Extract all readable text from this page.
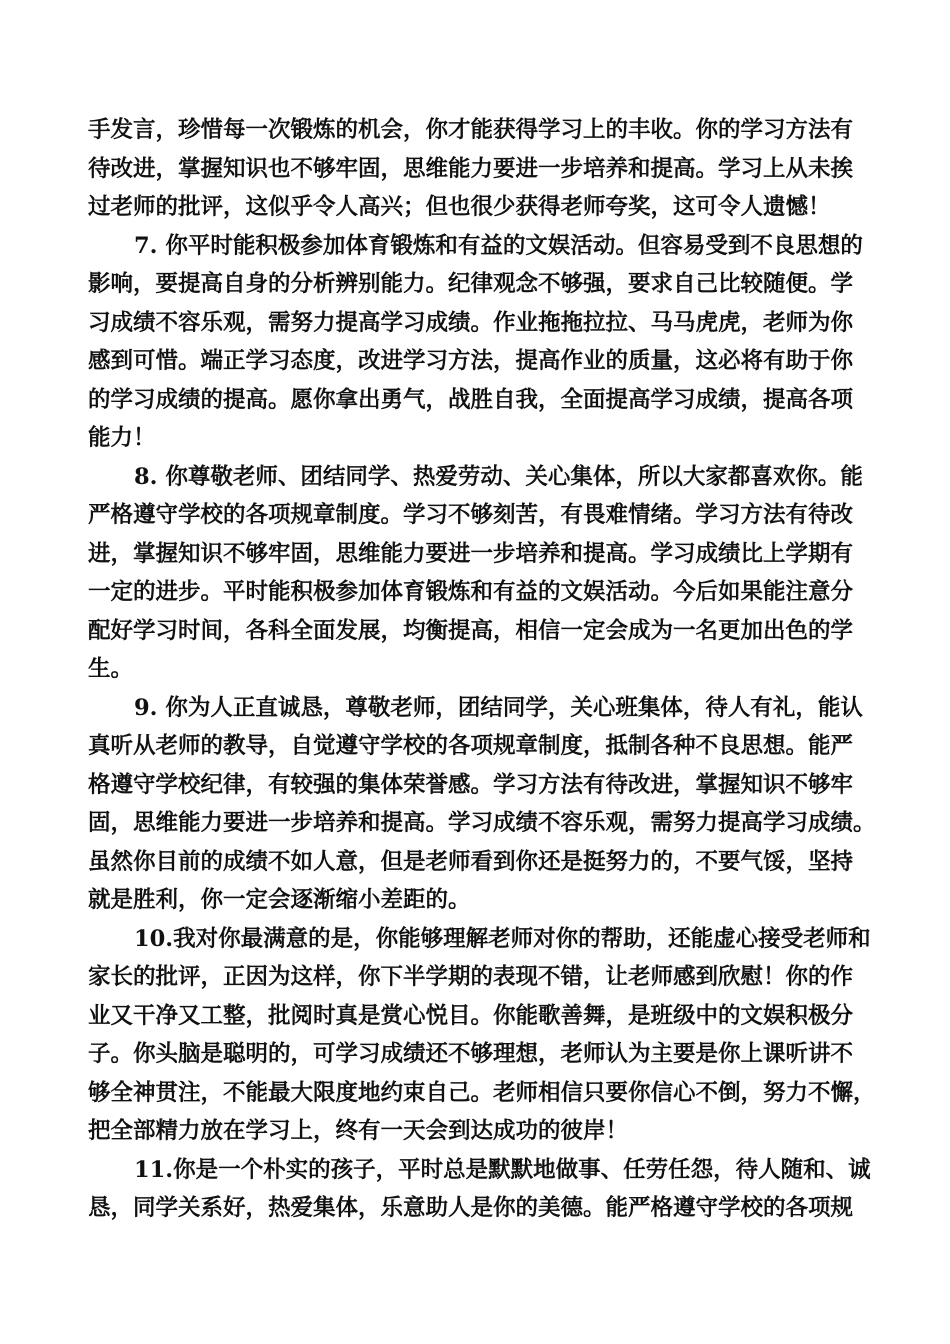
手发言，珍惜每一次锻炼的机会，你才能获得学习上的丰收。你的学习方法有
待改进，掌握知识也不够牢固，思维能力要进一步培养和提高。学习上从未挨
过老师的批评，这似乎令人高兴；但也很少获得老师夸奖，这可令人遗憾！
7. 你平时能积极参加体育锻炼和有益的文娱活动。但容易受到不良思想的
影响，要提高自身的分析辨别能力。纪律观念不够强，要求自己比较随便。学
习成绩不容乐观，需努力提高学习成绩。作业拖拖拉拉、马马虎虎，老师为你
感到可惜。端正学习态度，改进学习方法，提高作业的质量，这必将有助于你
的学习成绩的提高。愿你拿出勇气，战胜自我，全面提高学习成绩，提高各项
能力！
8. 你尊敬老师、团结同学、热爱劳动、关心集体，所以大家都喜欢你。能
严格遵守学校的各项规章制度。学习不够刻苦，有畏难情绪。学习方法有待改
进，掌握知识不够牢固，思维能力要进一步培养和提高。学习成绩比上学期有
一定的进步。平时能积极参加体育锻炼和有益的文娱活动。今后如果能注意分
配好学习时间，各科全面发展，均衡提高，相信一定会成为一名更加出色的学
生。
9. 你为人正直诚恳，尊敬老师，团结同学，关心班集体，待人有礼，能认
真听从老师的教导，自觉遵守学校的各项规章制度，抵制各种不良思想。能严
格遵守学校纪律，有较强的集体荣誉感。学习方法有待改进，掌握知识不够牢
固，思维能力要进一步培养和提高。学习成绩不容乐观，需努力提高学习成绩。
虽然你目前的成绩不如人意，但是老师看到你还是挺努力的，不要气馁，坚持
就是胜利，你一定会逐渐缩小差距的。
10.我对你最满意的是，你能够理解老师对你的帮助，还能虚心接受老师和
家长的批评，正因为这样，你下半学期的表现不错，让老师感到欣慰！你的作
业又干净又工整，批阅时真是赏心悦目。你能歌善舞，是班级中的文娱积极分
子。你头脑是聪明的，可学习成绩还不够理想，老师认为主要是你上课听讲不
够全神贯注，不能最大限度地约束自己。老师相信只要你信心不倒，努力不懈，
把全部精力放在学习上，终有一天会到达成功的彼岸！
11.你是一个朴实的孩子，平时总是默默地做事、任劳任怨，待人随和、诚
恳，同学关系好，热爱集体，乐意助人是你的美德。能严格遵守学校的各项规
